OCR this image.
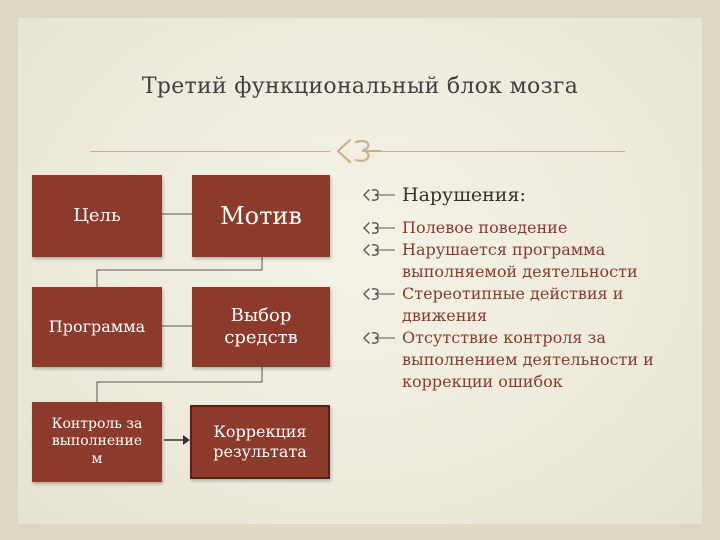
Третий функциональный блок мозга
Цель	Мотив
Программа
Выбор
средств
Контроль за
выполнение
м
Коррекция
результата
Нарушения:
Полевое поведение
Нарушается программа
выполняемой деятельности
Стереотипные действия и
движения
Отсутствие контроля за
выполнением деятельности и
коррекции ошибок
